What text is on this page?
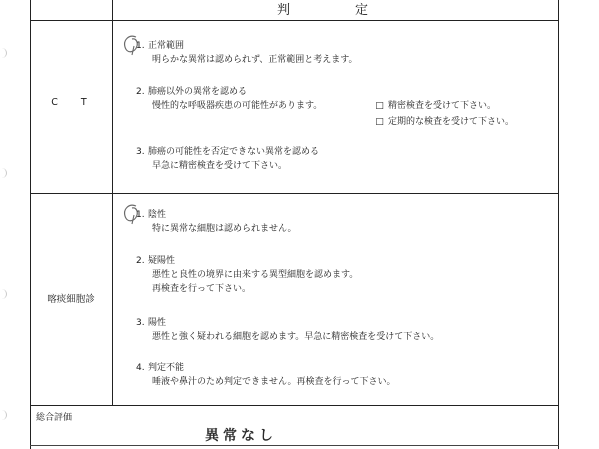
判　定
C T
1. 正常範囲
明らかな異常は認められず、正常範囲と考えます。
2. 肺癌以外の異常を認める
慢性的な呼吸器疾患の可能性があります。	□ 精密検査を受けて下さい。
□ 定期的な検査を受けて下さい。
3. 肺癌の可能性を否定できない異常を認める
早急に精密検査を受けて下さい。
喀痰細胞診
1. 陰性
特に異常な細胞は認められません。
2. 疑陽性
悪性と良性の境界に由来する異型細胞を認めます。
再検査を行って下さい。
3. 陽性
悪性と強く疑われる細胞を認めます。早急に精密検査を受けて下さい。
4. 判定不能
唾液や鼻汁のため判定できません。再検査を行って下さい。
総合評価
異常なし
